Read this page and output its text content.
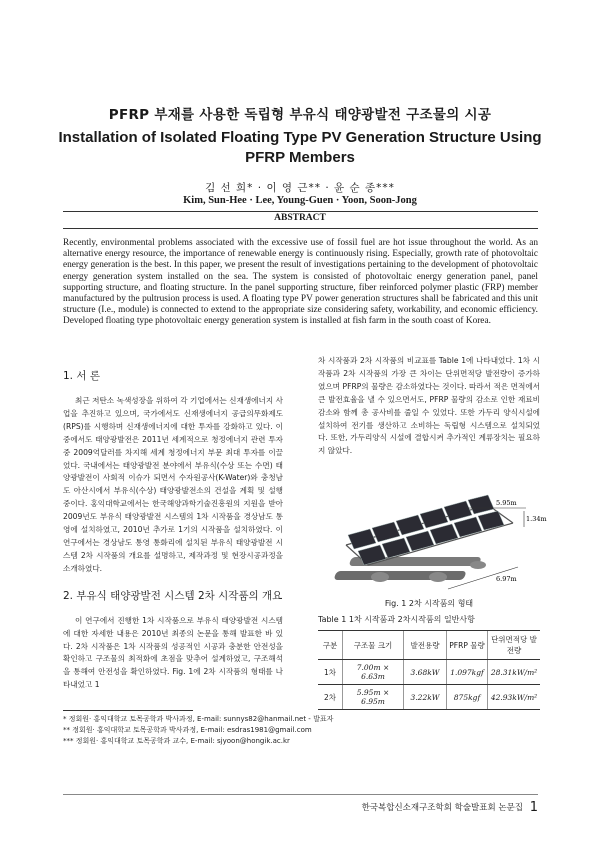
PFRP 부재를 사용한 독립형 부유식 태양광발전 구조물의 시공
Installation of Isolated Floating Type PV Generation Structure Using PFRP Members
김 선 희* · 이 영 근** · 윤 순 종***
Kim, Sun-Hee · Lee, Young-Guen · Yoon, Soon-Jong
ABSTRACT
Recently, environmental problems associated with the excessive use of fossil fuel are hot issue throughout the world. As an alternative energy resource, the importance of renewable energy is continuously rising. Especially, growth rate of photovoltaic energy generation is the best. In this paper, we present the result of investigations pertaining to the development of photovoltaic energy generation system installed on the sea. The system is consisted of photovoltaic energy generation panel, panel supporting structure, and floating structure. In the panel supporting structure, fiber reinforced polymer plastic (FRP) member manufactured by the pultrusion process is used. A floating type PV power generation structures shall be fabricated and this unit structure (I.e., module) is connected to extend to the appropriate size considering safety, workability, and economic efficiency. Developed floating type photovoltaic energy generation system is installed at fish farm in the south coast of Korea.
1. 서 론
최근 저탄소 녹색성장을 위하여 각 기업에서는 신재생에너지 사업을 추진하고 있으며, 국가에서도 신재생에너지 공급의무화제도(RPS)를 시행하며 신재생에너지에 대한 투자를 강화하고 있다. 이 중에서도 태양광발전은 2011년 세계적으로 청정에너지 관련 투자 중 2009억달러를 차지해 세계 청정에너지 부문 최대 투자를 이끌었다. 국내에서는 태양광발전 분야에서 부유식(수상 또는 수면) 태양광발전이 사회적 이슈가 되면서 수자원공사(K-Water)와 충청남도 아산시에서 부유식(수상) 태양광발전소의 건설을 계획 및 설행중이다. 홍익대학교에서는 한국해양과학기술진흥원의 지원을 받아 2009년도 부유식 태양광발전 시스템의 1차 시작품을 경상남도 통영에 설치하였고, 2010년 추가로 1기의 시작품을 설치하였다. 이 연구에서는 경상남도 통영 통화리에 설치된 부유식 태양광발전 시스템 2차 시작품의 개요를 설명하고, 제작과정 및 현장시공과정을 소개하였다.
2. 부유식 태양광발전 시스템 2차 시작품의 개요
이 연구에서 진행한 1차 시작품으로 부유식 태양광발전 시스템에 대한 자세한 내용은 2010년 최종의 논문을 통해 발표한 바 있다. 2차 시작품은 1차 시작품의 성공적인 시공과 충분한 안전성을 확인하고 구조물의 최적화에 초점을 맞추어 설계하였고, 구조해석을 통해여 안전성을 확인하였다. Fig. 1에 2차 시작품의 형태를 나타내었고 1
차 시작품과 2차 시작품의 비교표를 Table 1에 나타내었다. 1차 시작품과 2차 시작품의 가장 큰 차이는 단위면적당 발전량이 증가하였으며 PFRP의 물량은 감소하였다는 것이다. 따라서 적은 면적에서 큰 발전효율을 낼 수 있으면서도, PFRP 물량의 감소로 인한 재료비 감소와 함께 총 공사비를 줄일 수 있었다. 또한 가두리 양식시설에 설치하여 전기를 생산하고 소비하는 독립형 시스템으로 설치되었다. 또한, 가두리양식 시설에 결합시켜 추가적인 계류장치는 필요하지 않았다.
5.95m
1.34m
6.97m
Fig. 1 2차 시작품의 형태
Table 1 1차 시작품과 2차시작품의 일반사항
구분	구조물 크기	발전용량	PFRP 물량	단위면적당 발전량
1차	7.00m × 6.63m	3.68kW	1.097kgf	28.31kW/m²
2차	5.95m × 6.95m	3.22kW	875kgf	42.93kW/m²
* 정회원· 홍익대학교 토목공학과 박사과정, E-mail: sunnys82@hanmail.net - 발표자
** 정회원· 홍익대학교 토목공학과 박사과정, E-mail: esdras1981@gmail.com
*** 정회원· 홍익대학교 토목공학과 교수, E-mail: sjyoon@hongik.ac.kr
한국복합신소재구조학회 학술발표회 논문집 1
